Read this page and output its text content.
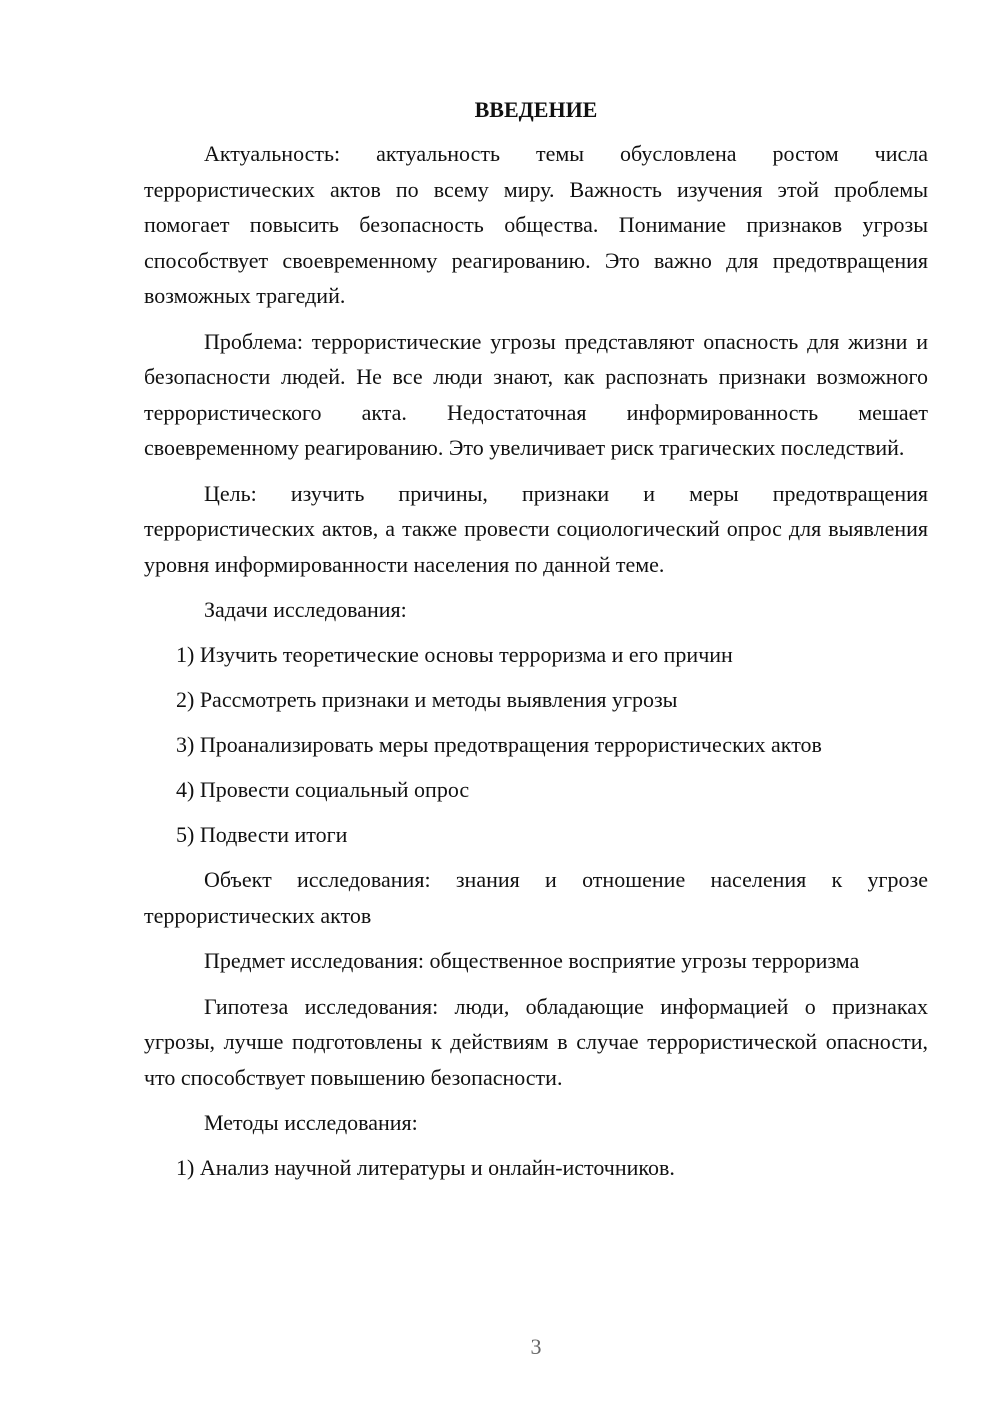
ВВЕДЕНИЕ

Актуальность: актуальность темы обусловлена ростом числа террористических актов по всему миру. Важность изучения этой проблемы помогает повысить безопасность общества. Понимание признаков угрозы способствует своевременному реагированию. Это важно для предотвращения возможных трагедий.

Проблема: террористические угрозы представляют опасность для жизни и безопасности людей. Не все люди знают, как распознать признаки возможного террористического акта. Недостаточная информированность мешает своевременному реагированию. Это увеличивает риск трагических последствий.

Цель: изучить причины, признаки и меры предотвращения террористических актов, а также провести социологический опрос для выявления уровня информированности населения по данной теме.

Задачи исследования:

1) Изучить теоретические основы терроризма и его причин
2) Рассмотреть признаки и методы выявления угрозы
3) Проанализировать меры предотвращения террористических актов
4) Провести социальный опрос
5) Подвести итоги

Объект исследования: знания и отношение населения к угрозе террористических актов

Предмет исследования: общественное восприятие угрозы терроризма

Гипотеза исследования: люди, обладающие информацией о признаках угрозы, лучше подготовлены к действиям в случае террористической опасности, что способствует повышению безопасности.

Методы исследования:

1) Анализ научной литературы и онлайн-источников.
3
